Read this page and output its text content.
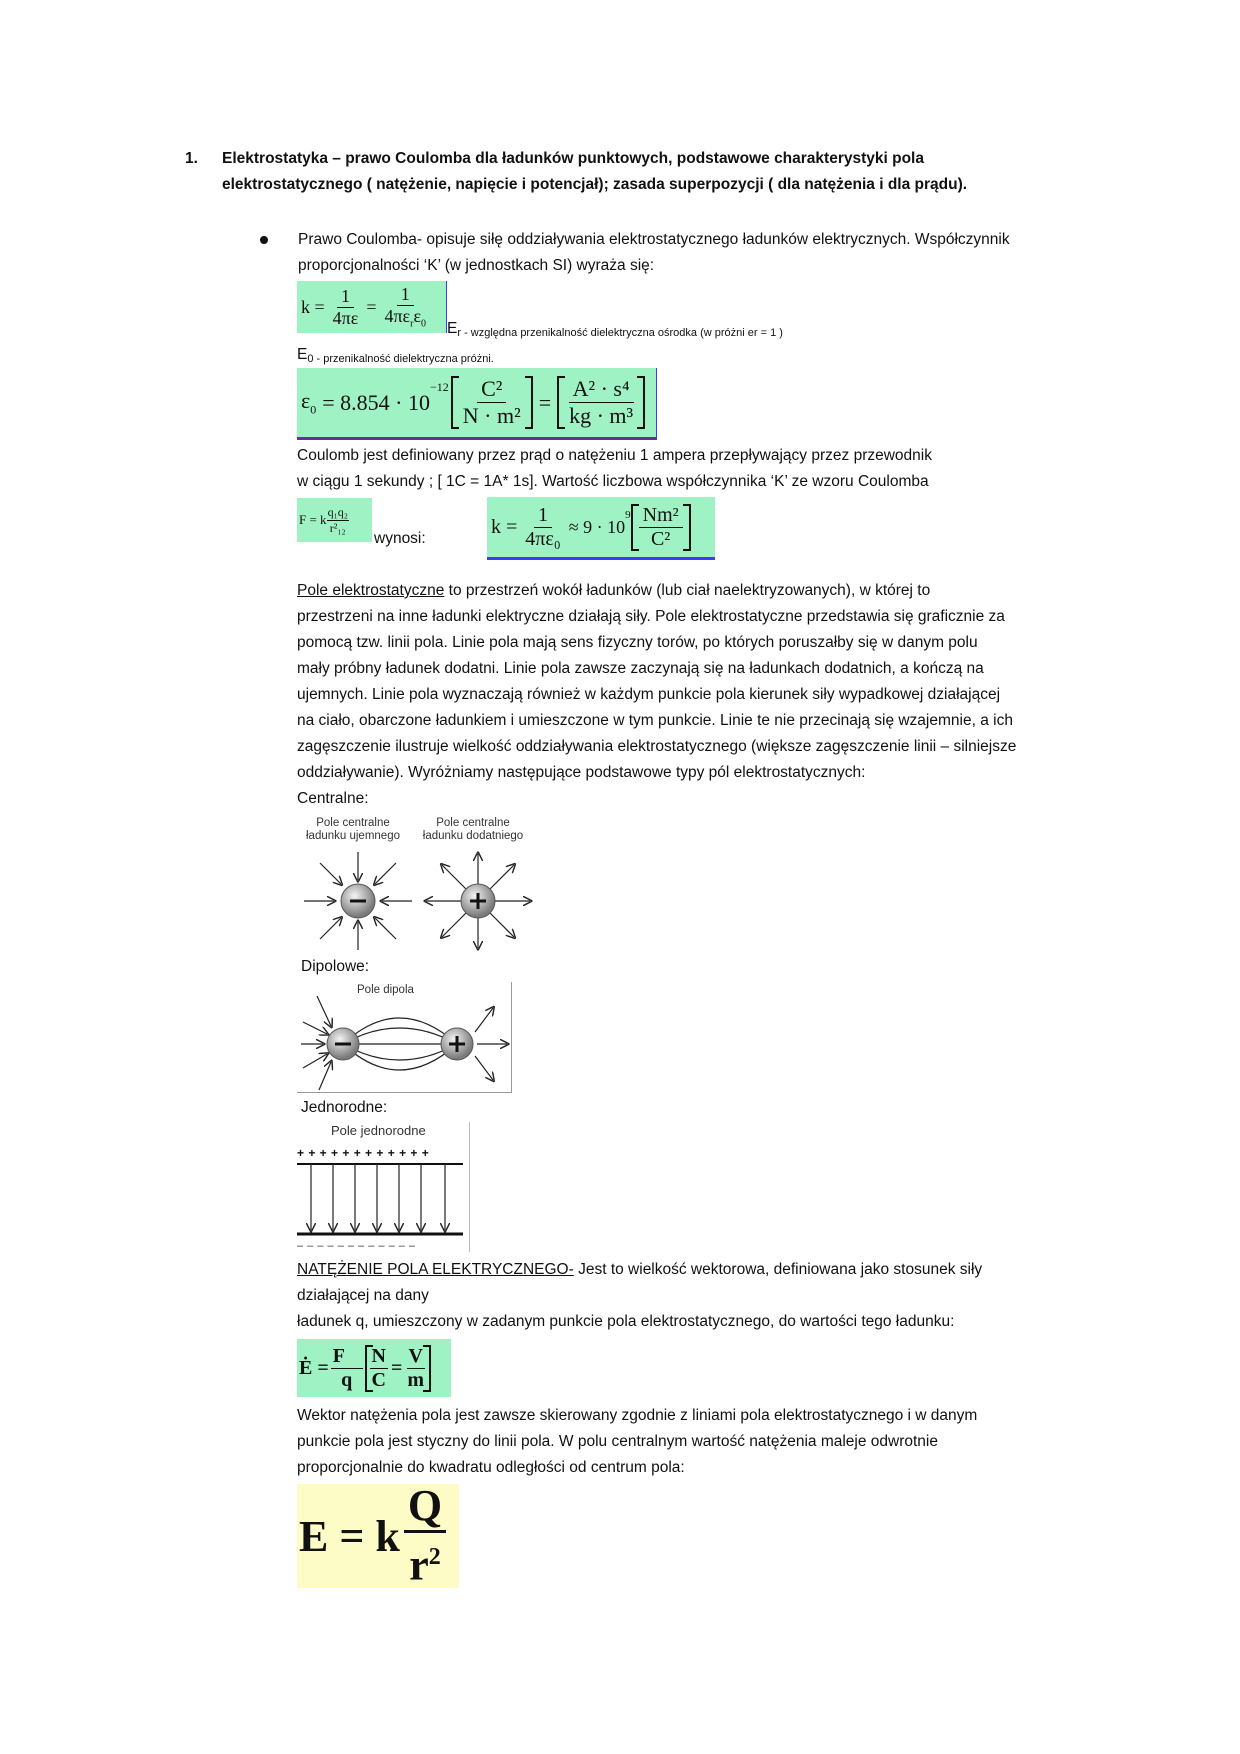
1. Elektrostatyka – prawo Coulomba dla ładunków punktowych, podstawowe charakterystyki pola
elektrostatycznego ( natężenie, napięcie i potencjał); zasada superpozycji ( dla natężenia i dla prądu).
Prawo Coulomba- opisuje siłę oddziaływania elektrostatycznego ładunków elektrycznych. Współczynnik
proporcjonalności ‘K’ (w jednostkach SI) wyraża się:
$k = \frac{1}{4\pi\varepsilon} = \frac{1}{4\pi\varepsilon_r\varepsilon_0}$ Er - względna przenikalność dielektryczna ośrodka (w próżni er = 1 )
E0 - przenikalność dielektryczna próżni.
$\varepsilon_0 = 8.854 \cdot 10$
$^{-12} \frac{\text{C²}}{\text{N · m²}} = \frac{\text{A² · s⁴}}{\text{kg · m³}}$
Coulomb jest definiowany przez prąd o natężeniu 1 ampera przepływający przez przewodnik
w ciągu 1 sekundy ; [ 1C = 1A* 1s]. Wartość liczbowa współczynnika ‘K’ ze wzoru Coulomba
F = k $\frac{\text{q₁q₂}}{\text{r²₁₂}}$
wynosi:
$k = \frac{1}{\text{4πε₀}} \approx 9 \cdot 10$
$^9 \frac{\text{Nm²}}{\text{C²}}$
Pole elektrostatyczne to przestrzeń wokół ładunków (lub ciał naelektryzowanych), w której to
przestrzeni na inne ładunki elektryczne działają siły. Pole elektrostatyczne przedstawia się graficznie za
pomocą tzw. linii pola. Linie pola mają sens fizyczny torów, po których poruszałby się w danym polu
mały próbny ładunek dodatni. Linie pola zawsze zaczynają się na ładunkach dodatnich, a kończą na
ujemnych. Linie pola wyznaczają również w każdym punkcie pola kierunek siły wypadkowej działającej
na ciało, obarczone ładunkiem i umieszczone w tym punkcie. Linie te nie przecinają się wzajemnie, a ich
zagęszczenie ilustruje wielkość oddziaływania elektrostatycznego (większe zagęszczenie linii – silniejsze
oddziaływanie). Wyróżniamy następujące podstawowe typy pól elektrostatycznych:
Centralne:
Pole centralne
ładunku ujemnego
Pole centralne
ładunku dodatniego
Dipolowe:
Pole dipola
Jednorodne:
Pole jednorodne
+ + + + + + + + + + + +
– – – – – – – – – – – –
NATĘŻENIE POLA ELEKTRYCZNEGO- Jest to wielkość wektorowa, definiowana jako stosunek siły
działającej na dany
ładunek q, umieszczony w zadanym punkcie pola elektrostatycznego, do wartości tego ładunku:
Ė = $\frac{F⃗}{q} \frac{N}{C} = \frac{V}{m}$
Wektor natężenia pola jest zawsze skierowany zgodnie z liniami pola elektrostatycznego i w danym
punkcie pola jest styczny do linii pola. W polu centralnym wartość natężenia maleje odwrotnie
proporcjonalnie do kwadratu odległości od centrum pola:
E = k $\frac{Q}{r^2}$
